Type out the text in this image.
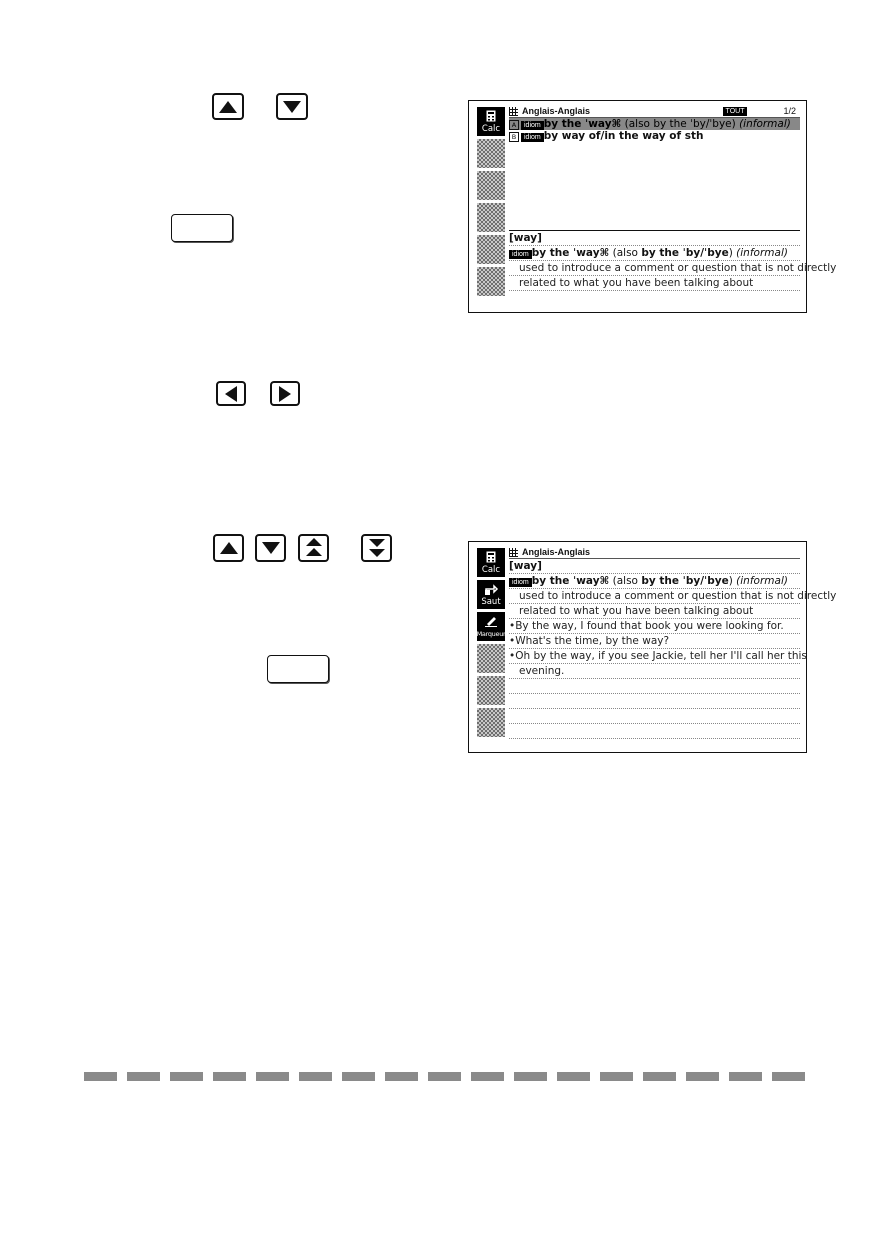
Calc
Anglais-Anglais	TOUT	1/2
A idiom by the ˈway⌘ (also by the ˈby/ˈbye) (informal)
B idiom by way of/in the way of sth
[way]
idiom by the ˈway⌘ (also by the ˈby/ˈbye) (informal)
used to introduce a comment or question that is not directly
related to what you have been talking about
Calc
Saut
Marqueur
Anglais-Anglais
[way]
idiom by the ˈway⌘ (also by the ˈby/ˈbye) (informal)
used to introduce a comment or question that is not directly
related to what you have been talking about
•By the way, I found that book you were looking for.
•What's the time, by the way?
•Oh by the way, if you see Jackie, tell her I'll call her this
evening.
